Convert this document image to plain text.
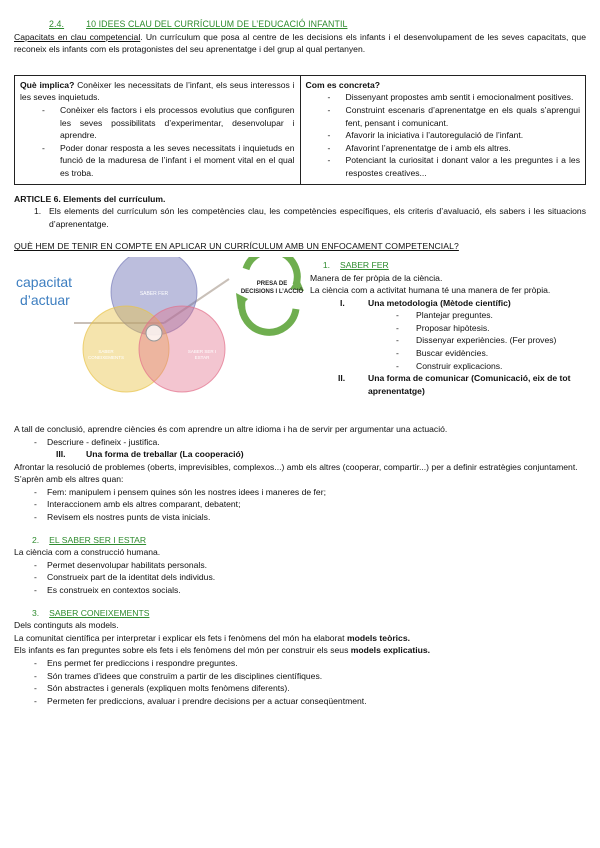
2.4.	10 IDEES CLAU DEL CURRÍCULUM DE L’EDUCACIÓ INFANTIL

Capacitats en clau competencial. Un currículum que posa al centre de les decisions els infants i el desenvolupament de les seves capacitats, que reconeix els infants com els protagonistes del seu aprenentatge i del grup al qual pertanyen.

Què implica? Conèixer les necessitats de l’infant, els seus interessos i les seves inquietuds.

- Conèixer els factors i els processos evolutius que configuren les seves possibilitats d’experimentar, desenvolupar i aprendre.
- Poder donar resposta a les seves necessitats i inquietuds en funció de la maduresa de l’infant i el moment vital en el qual es troba.

Com es concreta?

- Dissenyant propostes amb sentit i emocionalment positives.
- Construint escenaris d’aprenentatge en els quals s’aprengui fent, pensant i comunicant.
- Afavorir la iniciativa i l’autoregulació de l’infant.
- Afavorint l’aprenentatge de i amb els altres.
- Potenciant la curiositat i donant valor a les preguntes i a les respostes creatives...

ARTICLE 6. Elements del currículum.

1. Els elements del currículum són les competències clau, les competències específiques, els criteris d’avaluació, els sabers i les situacions d’aprenentatge.
QUÈ HEM DE TENIR EN COMPTE EN APLICAR UN CURRÍCULUM AMB UN ENFOCAMENT COMPETENCIAL?
capacitat
d’actuar	SABER FER
SABER
CONEIXEMENTS
SABER SER I
ESTAR
PRESA DE
DECISIONS I L’ACCIÓ
1. SABER FER

Manera de fer pròpia de la ciència.

La ciència com a activitat humana té una manera de fer pròpia.

I.	Una metodologia (Mètode científic)
- Plantejar preguntes.
- Proposar hipòtesis.
- Dissenyar experiències. (Fer proves)
- Buscar evidències.
- Construir explicacions.
II.	Una forma de comunicar (Comunicació, eix de tot aprenentatge)

A tall de conclusió, aprendre ciències és com aprendre un altre idioma i ha de servir per argumentar una actuació.

- Descriure - defineix - justifica.
III. Una forma de treballar (La cooperació)

Afrontar la resolució de problemes (oberts, imprevisibles, complexos...) amb els altres (cooperar, compartir...) per a definir estratègies conjuntament.

S’aprèn amb els altres quan:

- Fem: manipulem i pensem quines són les nostres idees i maneres de fer;
- Interaccionem amb els altres comparant, debatent;
- Revisem els nostres punts de vista inicials.
2. EL SABER SER I ESTAR

La ciència com a construcció humana.

- Permet desenvolupar habilitats personals.
- Construeix part de la identitat dels individus.
- Es construeix en contextos socials.
3. SABER CONEIXEMENTS

Dels continguts als models.

La comunitat científica per interpretar i explicar els fets i fenòmens del món ha elaborat models teòrics.

Els infants es fan preguntes sobre els fets i els fenòmens del món per construir els seus models explicatius.

- Ens permet fer prediccions i respondre preguntes.
- Són trames d’idees que construïm a partir de les disciplines científiques.
- Són abstractes i generals (expliquen molts fenòmens diferents).
- Permeten fer prediccions, avaluar i prendre decisions per a actuar conseqüentment.
